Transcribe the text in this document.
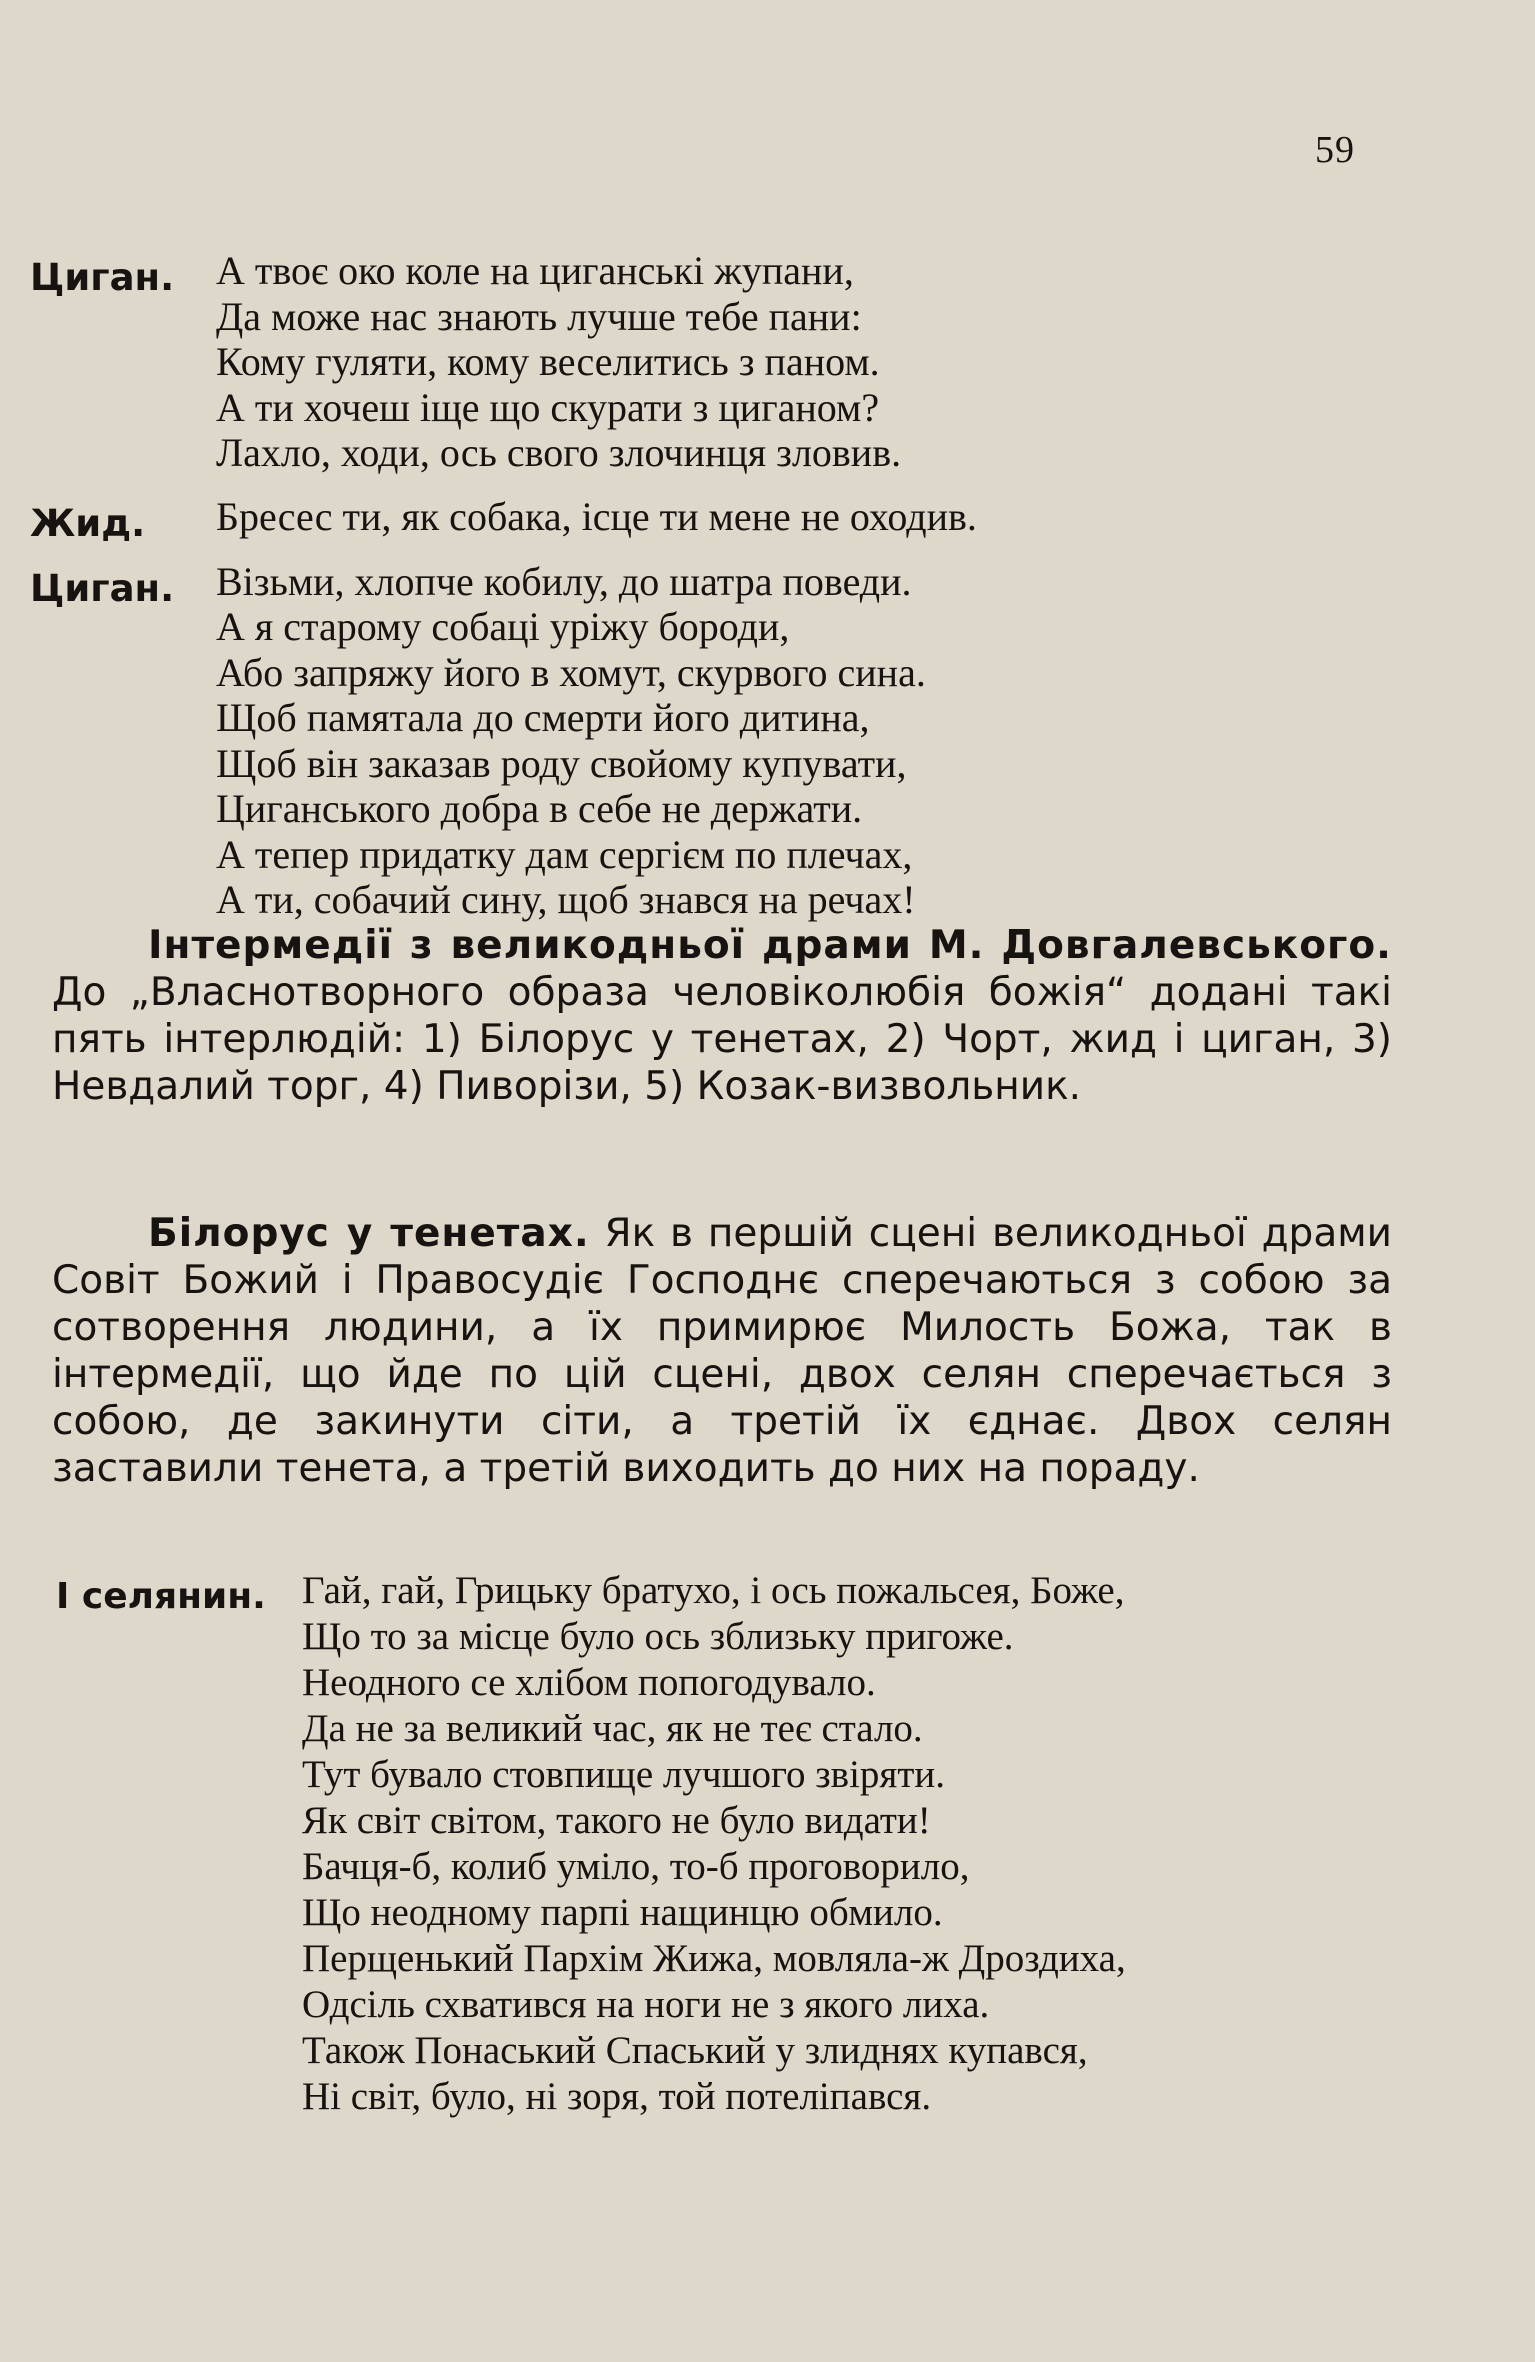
59
Циган.	А твоє око коле на циганські жупани,
Да може нас знають лучше тебе пани:
Кому гуляти, кому веселитись з паном.
А ти хочеш іще що скурати з циганом?
Лахло, ходи, ось свого злочинця зловив.
Жид.	Бресес ти, як собака, ісце ти мене не оходив.
Циган.	Візьми, хлопче кобилу, до шатра поведи.
А я старому собаці уріжу бороди,
Або запряжу його в хомут, скурвого сина.
Щоб памятала до смерти його дитина,
Щоб він заказав роду свойому купувати,
Циганського добра в себе не держати.
А тепер придатку дам сергієм по плечах,
А ти, собачий сину, щоб знався на речах!

Інтермедії з великодньої драми М. Довгалевського. До „Власнотворного образа человіколюбія божія“ додані такі пять інтерлюдій: 1) Білорус у тенетах, 2) Чорт, жид і циган, 3) Невдалий торг, 4) Пиворізи, 5) Козак-визвольник.

Білорус у тенетах. Як в першій сцені великодньої драми Совіт Божий і Правосудіє Господнє сперечаються з собою за сотворення людини, а їх примирює Милость Божа, так в інтермедії, що йде по цій сцені, двох селян сперечається з собою, де закинути сіти, а третій їх єднає. Двох селян заставили тенета, а третій виходить до них на пораду.

I селянин. Гай, гай, Грицьку братухо, і ось пожальсея, Боже,
Що то за місце було ось зблизьку пригоже.
Неодного се хлібом попогодувало.
Да не за великий час, як не теє стало.
Тут бувало стовпище лучшого звіряти.
Як світ світом, такого не було видати!
Бачця-б, колиб уміло, то-б проговорило,
Що неодному парпі нащинцю обмило.
Перщенький Пархім Жижа, мовляла-ж Дроздиха,
Одсіль схватився на ноги не з якого лиха.
Також Понаський Спаський у злиднях купався,
Ні світ, було, ні зоря, той потеліпався.
